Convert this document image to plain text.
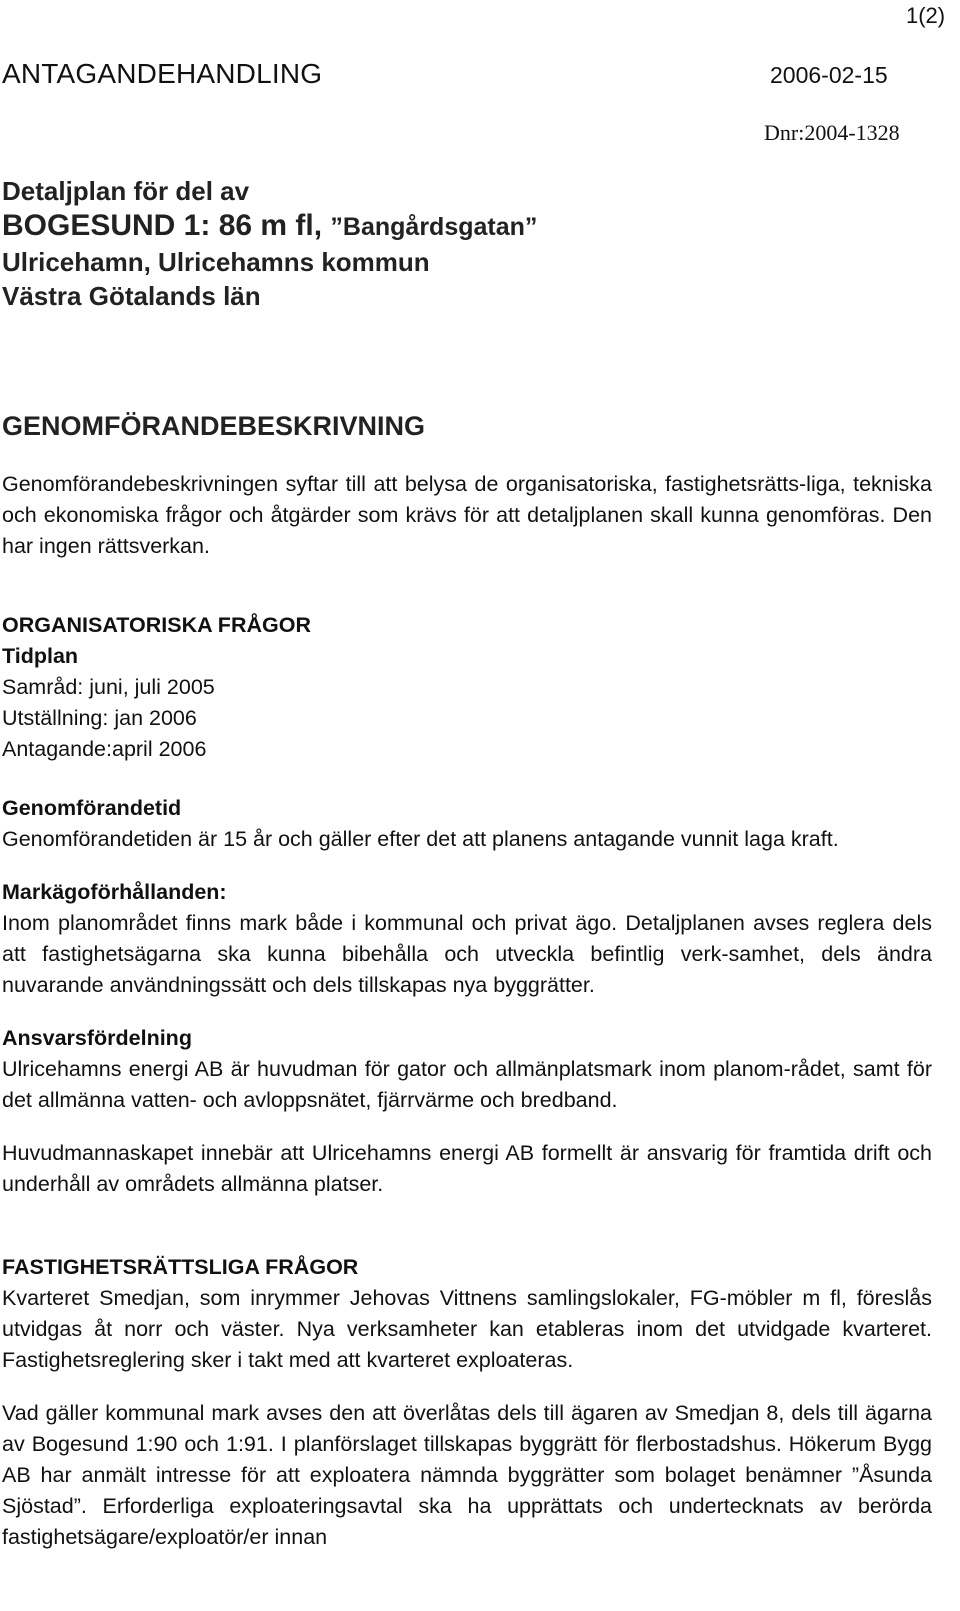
1(2)
ANTAGANDEHANDLING	2006-02-15
Dnr:2004-1328
Detaljplan för del av
BOGESUND 1: 86 m fl, ”Bangårdsgatan”
Ulricehamn, Ulricehamns kommun
Västra Götalands län
GENOMFÖRANDEBESKRIVNING

Genomförandebeskrivningen syftar till att belysa de organisatoriska, fastighetsrätts-liga, tekniska och ekonomiska frågor och åtgärder som krävs för att detaljplanen skall kunna genomföras. Den har ingen rättsverkan.

ORGANISATORISKA FRÅGOR

Tidplan

Samråd: juni, juli 2005

Utställning: jan 2006

Antagande:april 2006

Genomförandetid

Genomförandetiden är 15 år och gäller efter det att planens antagande vunnit laga kraft.

Markägoförhållanden:

Inom planområdet finns mark både i kommunal och privat ägo. Detaljplanen avses reglera dels att fastighetsägarna ska kunna bibehålla och utveckla befintlig verk-samhet, dels ändra nuvarande användningssätt och dels tillskapas nya byggrätter.

Ansvarsfördelning

Ulricehamns energi AB är huvudman för gator och allmänplatsmark inom planom-rådet, samt för det allmänna vatten- och avloppsnätet, fjärrvärme och bredband.

Huvudmannaskapet innebär att Ulricehamns energi AB formellt är ansvarig för framtida drift och underhåll av områdets allmänna platser.

FASTIGHETSRÄTTSLIGA FRÅGOR

Kvarteret Smedjan, som inrymmer Jehovas Vittnens samlingslokaler, FG-möbler m fl, föreslås utvidgas åt norr och väster. Nya verksamheter kan etableras inom det utvidgade kvarteret. Fastighetsreglering sker i takt med att kvarteret exploateras.

Vad gäller kommunal mark avses den att överlåtas dels till ägaren av Smedjan 8, dels till ägarna av Bogesund 1:90 och 1:91. I planförslaget tillskapas byggrätt för flerbostadshus. Hökerum Bygg AB har anmält intresse för att exploatera nämnda byggrätter som bolaget benämner ”Åsunda Sjöstad”. Erforderliga exploateringsavtal ska ha upprättats och undertecknats av berörda fastighetsägare/exploatör/er innan
